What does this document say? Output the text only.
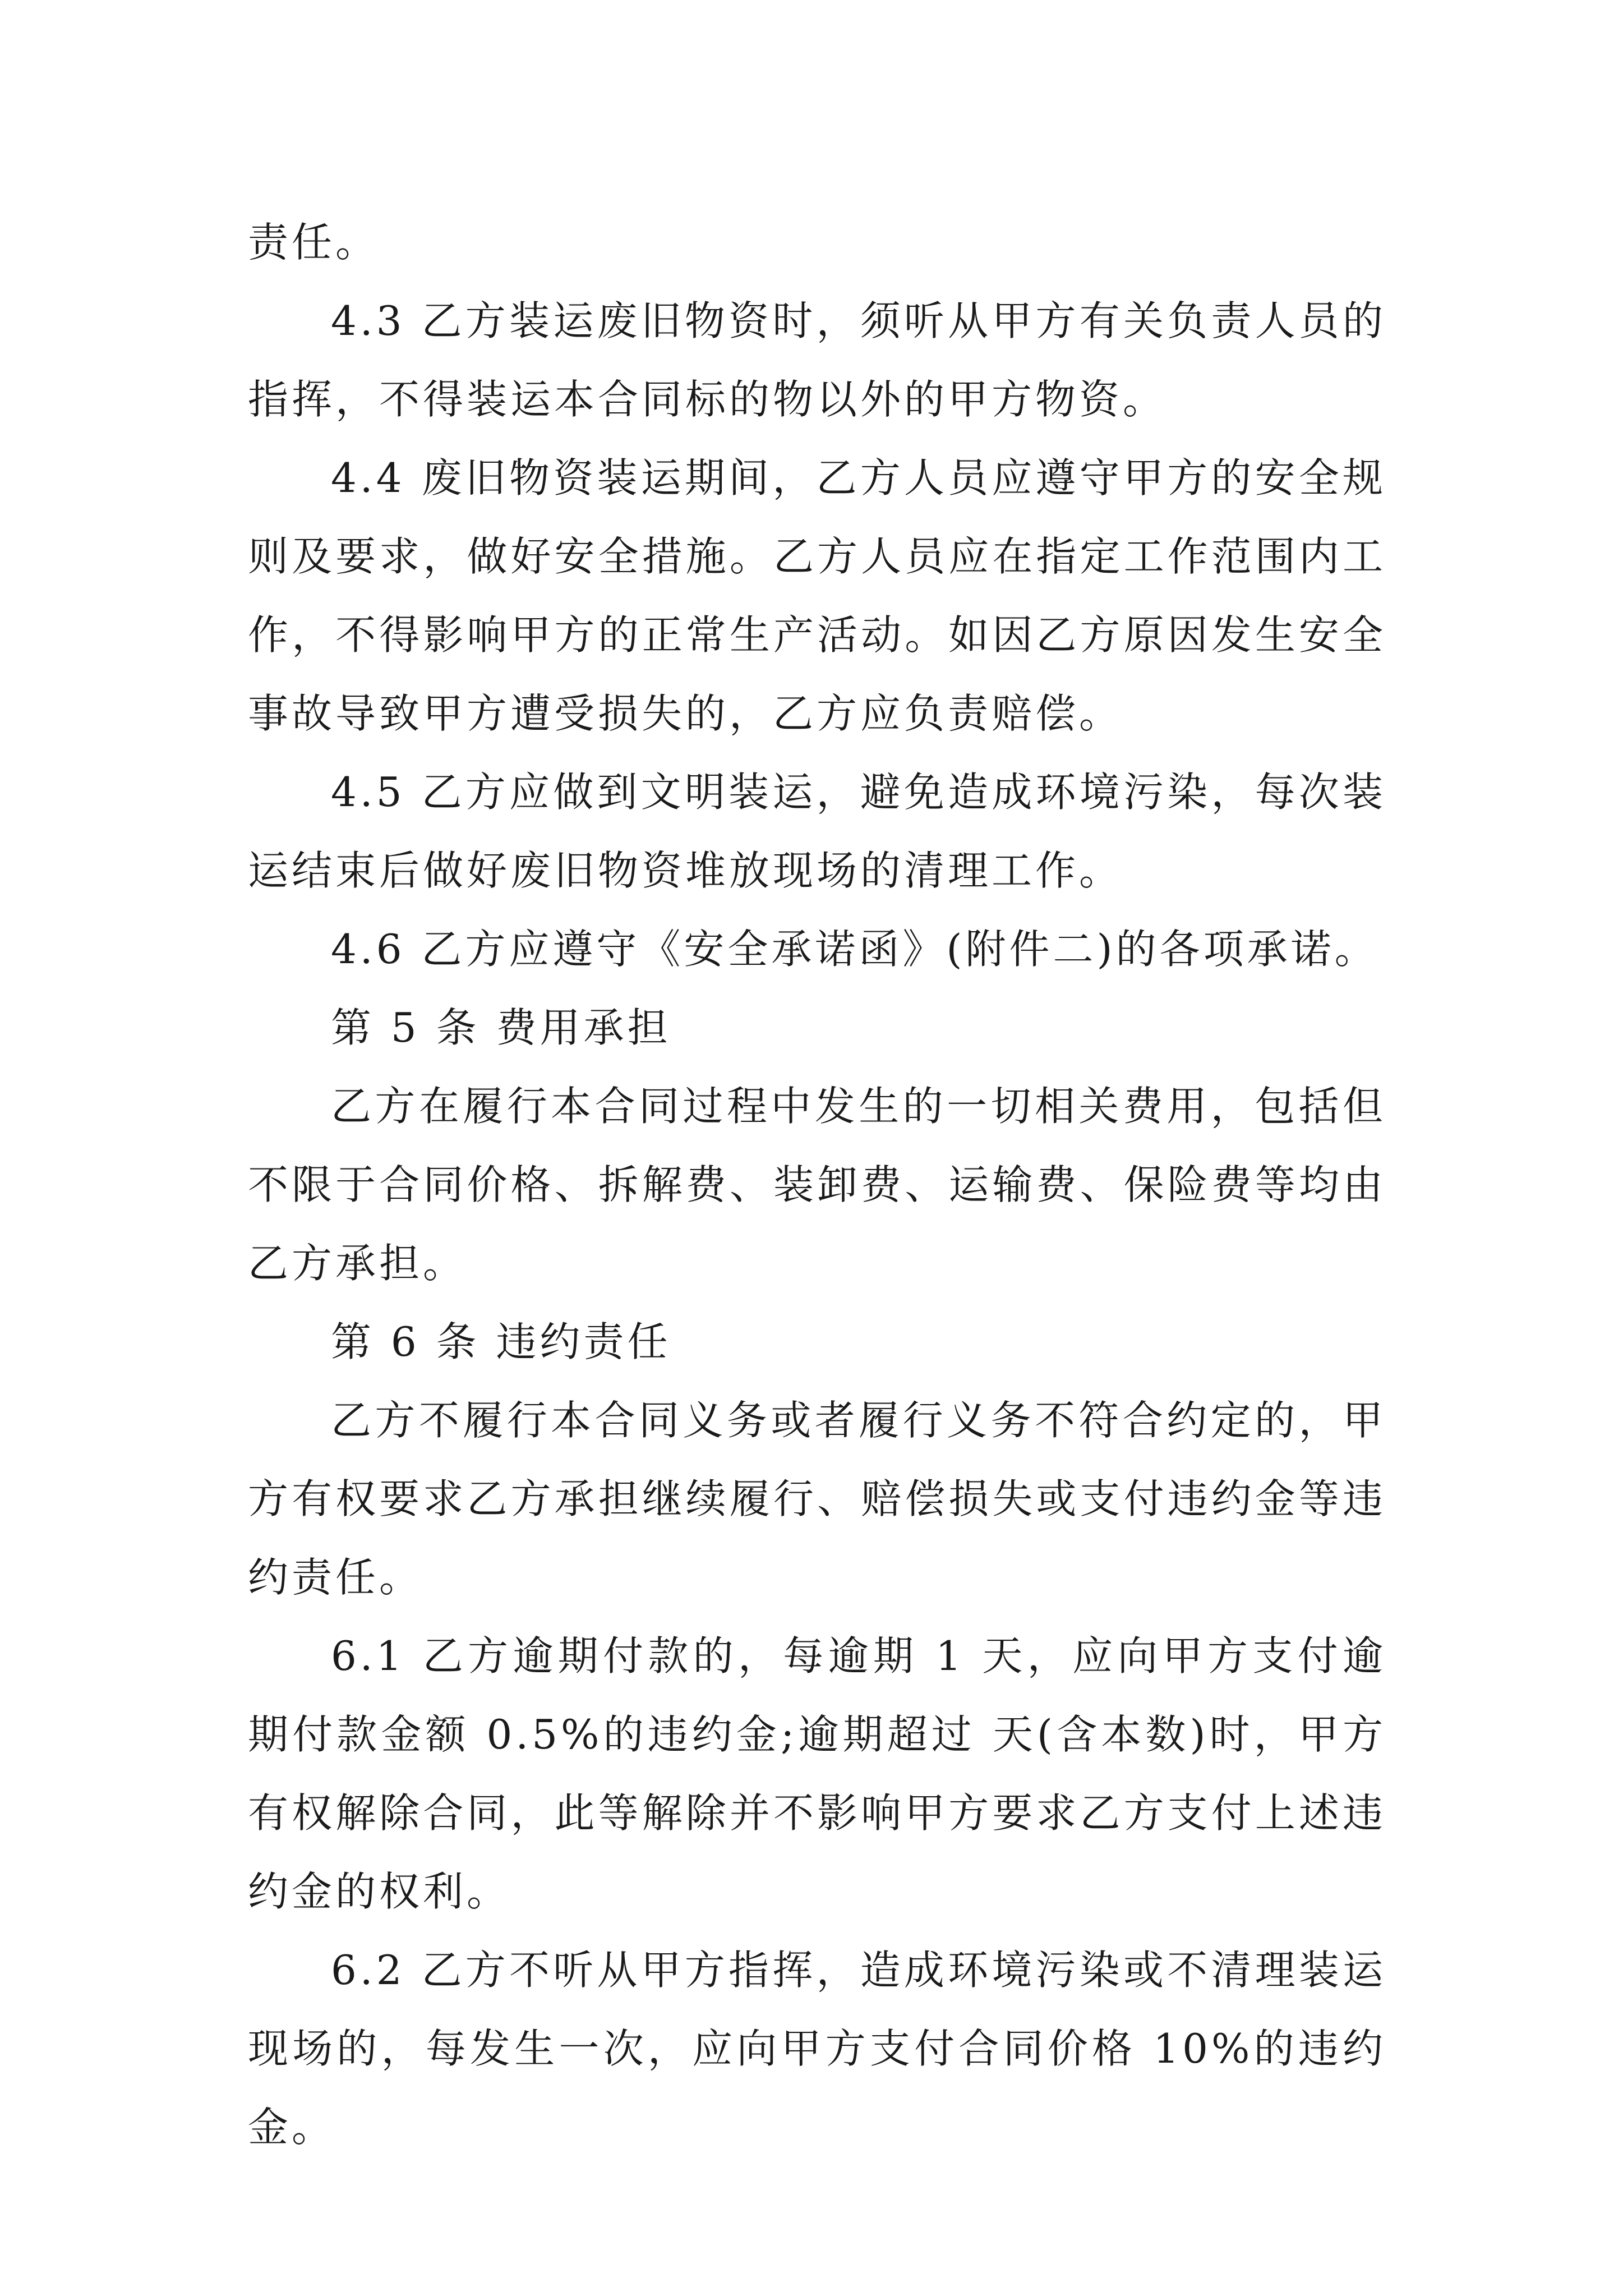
责任。

4.3 乙方装运废旧物资时，须听从甲方有关负责人员的指挥，不得装运本合同标的物以外的甲方物资。

4.4 废旧物资装运期间，乙方人员应遵守甲方的安全规则及要求，做好安全措施。乙方人员应在指定工作范围内工作，不得影响甲方的正常生产活动。如因乙方原因发生安全事故导致甲方遭受损失的，乙方应负责赔偿。

4.5 乙方应做到文明装运，避免造成环境污染，每次装运结束后做好废旧物资堆放现场的清理工作。

4.6 乙方应遵守《安全承诺函》(附件二)的各项承诺。

第 5 条 费用承担

乙方在履行本合同过程中发生的一切相关费用，包括但不限于合同价格、拆解费、装卸费、运输费、保险费等均由乙方承担。

第 6 条 违约责任

乙方不履行本合同义务或者履行义务不符合约定的，甲方有权要求乙方承担继续履行、赔偿损失或支付违约金等违约责任。

6.1 乙方逾期付款的，每逾期 1 天，应向甲方支付逾期付款金额 0.5%的违约金;逾期超过 天(含本数)时，甲方有权解除合同，此等解除并不影响甲方要求乙方支付上述违约金的权利。

6.2 乙方不听从甲方指挥，造成环境污染或不清理装运现场的，每发生一次，应向甲方支付合同价格 10%的违约金。
